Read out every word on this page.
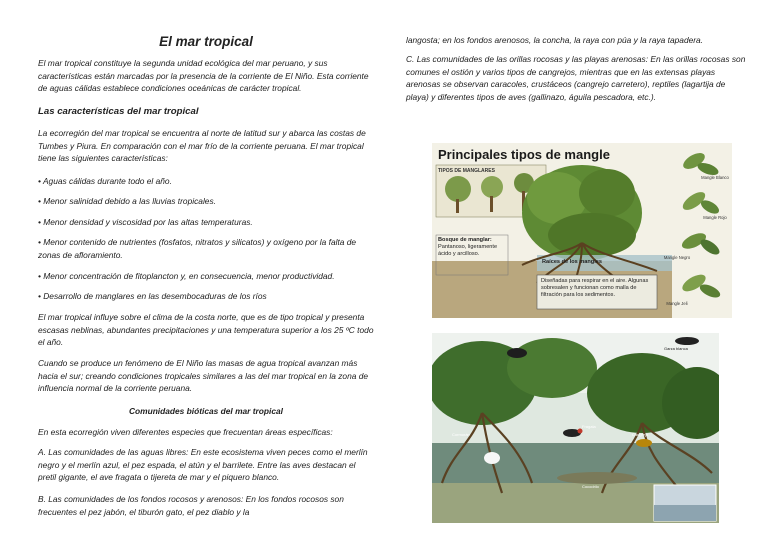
El mar tropical

El mar tropical constituye la segunda unidad ecológica del mar peruano, y sus características están marcadas por la presencia de la corriente de El Niño. Esta corriente de aguas cálidas establece condiciones oceánicas de carácter tropical.

Las características del mar tropical

La ecorregión del mar tropical se encuentra al norte de latitud sur y abarca las costas de Tumbes y Piura. En comparación con el mar frío de la corriente peruana. El mar tropical tiene las siguientes características:

• Aguas cálidas durante todo el año.

• Menor salinidad debido a las lluvias tropicales.

• Menor densidad y viscosidad por las altas temperaturas.

• Menor contenido de nutrientes (fosfatos, nitratos y silicatos) y oxígeno por la falta de zonas de afloramiento.

• Menor concentración de fitoplancton y, en consecuencia, menor productividad.

• Desarrollo de manglares en las desembocaduras de los ríos

El mar tropical influye sobre el clima de la costa norte, que es de tipo tropical y presenta escasas neblinas, abundantes precipitaciones y una temperatura superior a los 25 ºC todo el año.

Cuando se produce un fenómeno de El Niño las masas de agua tropical avanzan más hacia el sur; creando condiciones tropicales similares a las del mar tropical en la zona de influencia normal de la corriente peruana.

Comunidades bióticas del mar tropical

En esta ecorregión viven diferentes especies que frecuentan áreas específicas:

A. Las comunidades de las aguas libres: En este ecosistema viven peces como el merlín negro y el merlín azul, el pez espada, el atún y el barrilete. Entre las aves destacan el pretil gigante, el ave fragata o tijereta de mar y el piquero blanco.

B. Las comunidades de los fondos rocosos y arenosos: En los fondos rocosos son frecuentes el pez jabón, el tiburón gato, el pez diablo y la

langosta; en los fondos arenosos, la concha, la raya con púa y la raya tapadera.

C. Las comunidades de las orillas rocosas y las playas arenosas: En las orillas rocosas son comunes el ostión y varios tipos de cangrejos, mientras que en las extensas playas arenosas se observan caracoles, crustáceos (cangrejo carretero), reptiles (lagartija de playa) y diferentes tipos de aves (gallinazo, águila pescadora, etc.).

Principales tipos de mangle
TIPOS DE MANGLARES
Bosque de manglar:
Pantanoso, ligeramente ácido y arcilloso.
Raíces de los mangles
Diseñadas para respirar en el aire. Algunas sobresalen y funcionan como malla de filtración para los sedimentos.
Mangle Blanco
Mangle Rojo
Mangle Negro
Mangle Jeli
Garza blanca
Fragata
Cangrejo
Cocodrilo
Cormorán
